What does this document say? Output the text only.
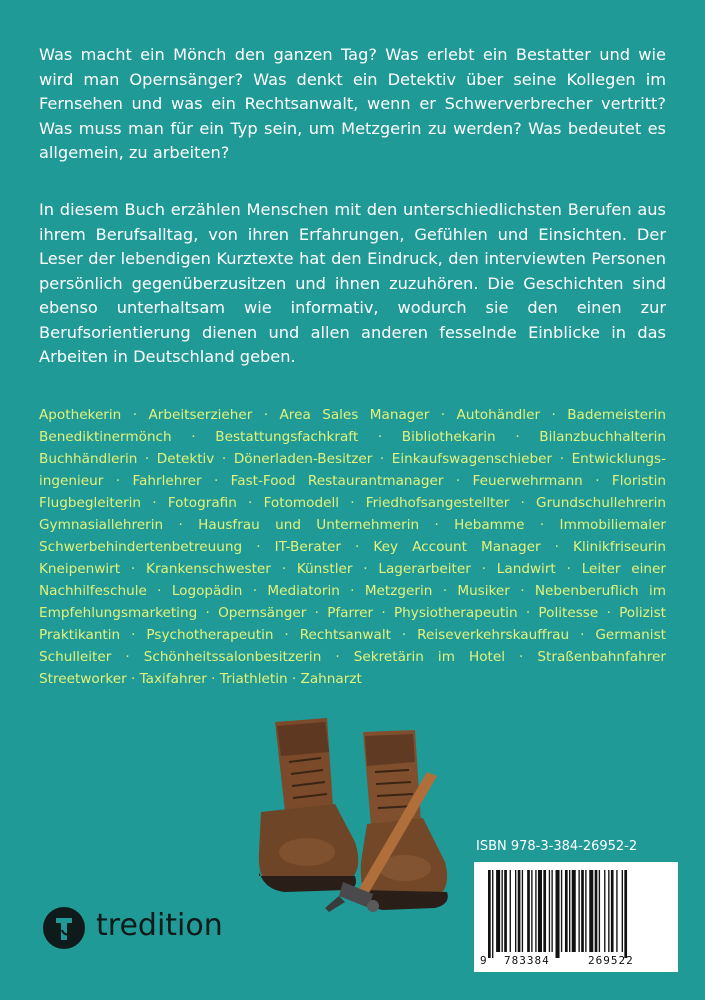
Was macht ein Mönch den ganzen Tag? Was erlebt ein Bestatter und wie wird man Opernsänger? Was denkt ein Detektiv über seine Kollegen im Fernsehen und was ein Rechtsanwalt, wenn er Schwerverbrecher vertritt? Was muss man für ein Typ sein, um Metzgerin zu werden? Was bedeutet es allgemein, zu arbeiten?

In diesem Buch erzählen Menschen mit den unterschiedlichsten Berufen aus ihrem Berufsalltag, von ihren Erfahrungen, Gefühlen und Einsichten. Der Leser der lebendigen Kurztexte hat den Eindruck, den interviewten Personen persönlich gegenüberzusitzen und ihnen zuzuhören. Die Geschichten sind ebenso unterhaltsam wie informativ, wodurch sie den einen zur Berufsorientierung dienen und allen anderen fesselnde Einblicke in das Arbeiten in Deutschland geben.

Apothekerin · Arbeitserzieher · Area Sales Manager · Autohändler · Bademeisterin Benediktinermönch · Bestattungsfachkraft · Bibliothekarin · Bilanzbuchhalterin Buchhändlerin · Detektiv · Dönerladen-Besitzer · Einkaufswagenschieber · Entwicklungsingenieur · Fahrlehrer · Fast-Food Restaurantmanager · Feuerwehrmann · Floristin Flugbegleiterin · Fotografin · Fotomodell · Friedhofsangestellter · Grundschullehrerin Gymnasiallehrerin · Hausfrau und Unternehmerin · Hebamme · Immobiliemaler Schwerbehindertenbetreuung · IT-Berater · Key Account Manager · Klinikfriseurin Kneipenwirt · Krankenschwester · Künstler · Lagerarbeiter · Landwirt · Leiter einer Nachhilfeschule · Logopädin · Mediatorin · Metzgerin · Musiker · Nebenberuflich im Empfehlungsmarketing · Opernsänger · Pfarrer · Physiotherapeutin · Politesse · Polizist Praktikantin · Psychotherapeutin · Rechtsanwalt · Reiseverkehrskauffrau · Germanist Schulleiter · Schönheitssalonbesitzerin · Sekretärin im Hotel · Straßenbahnfahrer Streetworker · Taxifahrer · Triathletin · Zahnarzt

ISBN 978-3-384-26952-2

9 783384	269522
tredition
